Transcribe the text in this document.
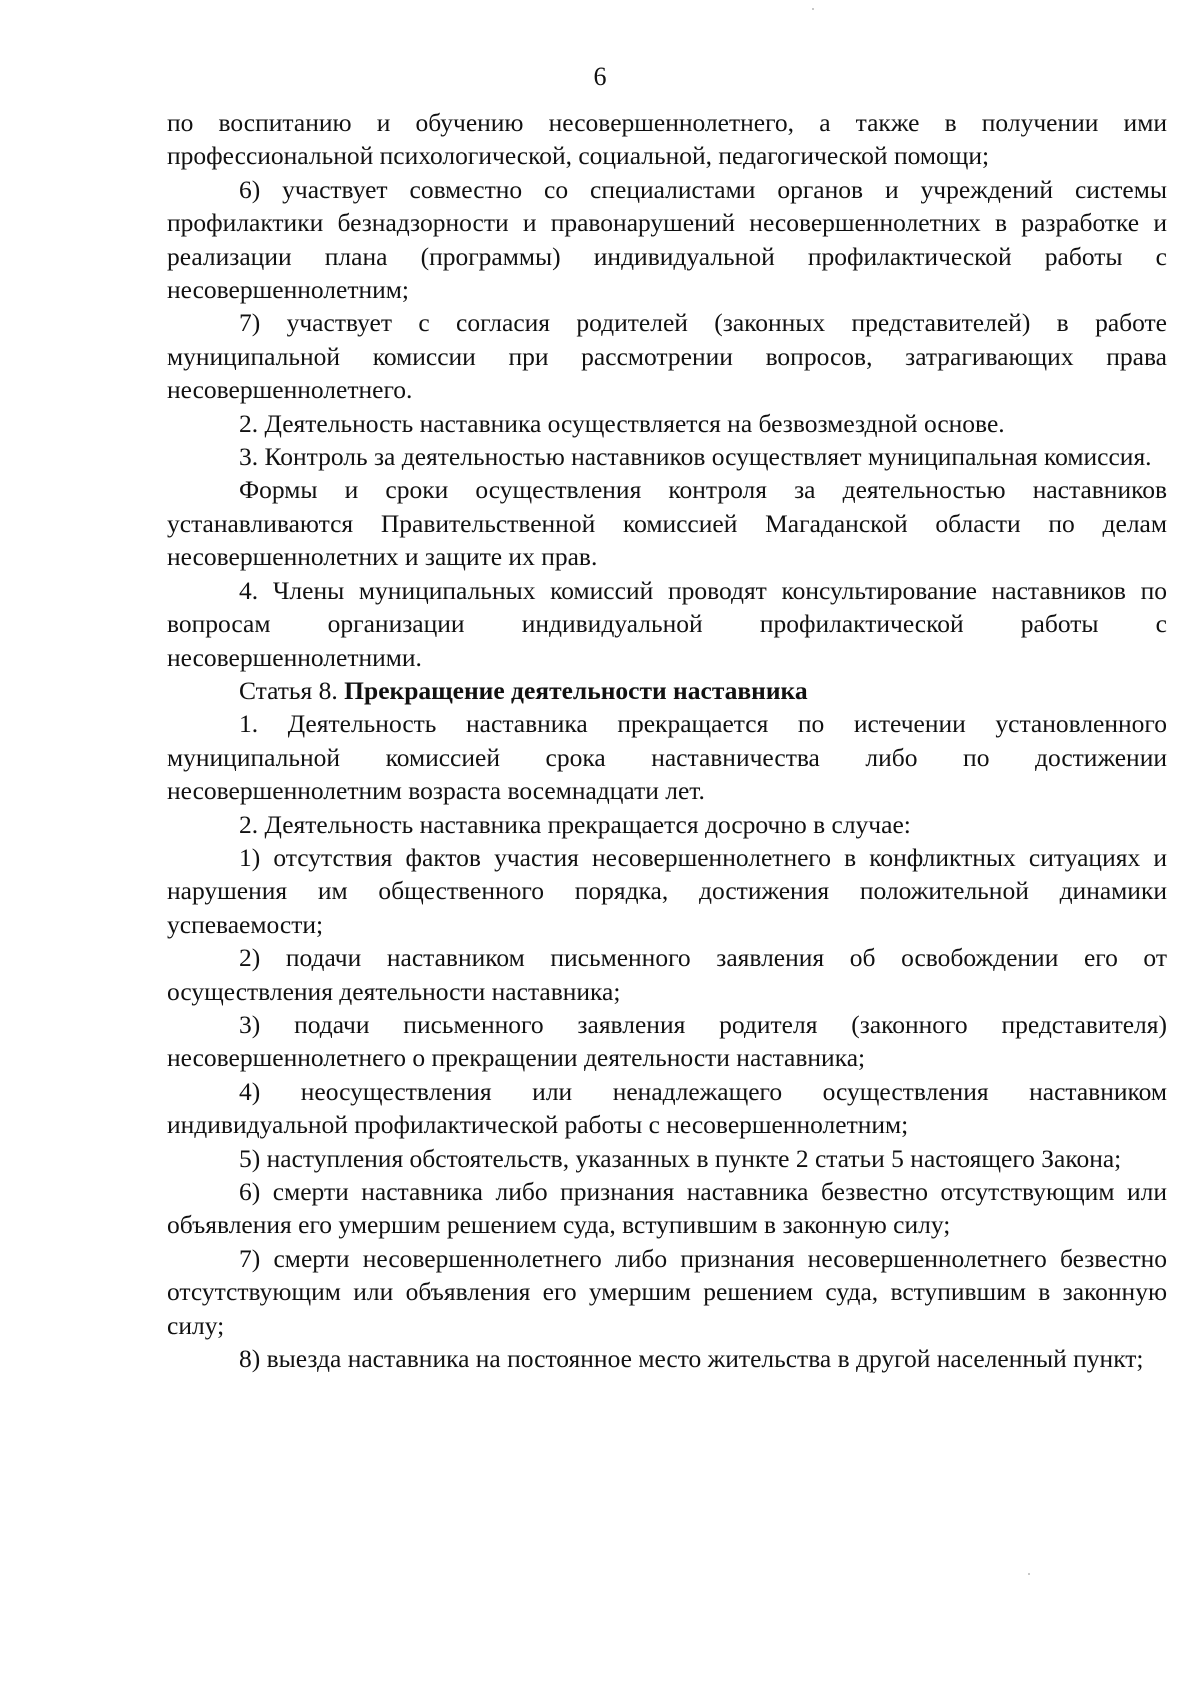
6

по воспитанию и обучению несовершеннолетнего, а также в получении ими профессиональной психологической, социальной, педагогической помощи;

6) участвует совместно со специалистами органов и учреждений системы профилактики безнадзорности и правонарушений несовершеннолетних в разработке и реализации плана (программы) индивидуальной профилактической работы с несовершеннолетним;

7) участвует с согласия родителей (законных представителей) в работе муниципальной комиссии при рассмотрении вопросов, затрагивающих права несовершеннолетнего.

2. Деятельность наставника осуществляется на безвозмездной основе.

3. Контроль за деятельностью наставников осуществляет муниципальная комиссия.

Формы и сроки осуществления контроля за деятельностью наставников устанавливаются Правительственной комиссией Магаданской области по делам несовершеннолетних и защите их прав.

4. Члены муниципальных комиссий проводят консультирование наставников по вопросам организации индивидуальной профилактической работы с несовершеннолетними.

Статья 8. Прекращение деятельности наставника

1. Деятельность наставника прекращается по истечении установленного муниципальной комиссией срока наставничества либо по достижении несовершеннолетним возраста восемнадцати лет.

2. Деятельность наставника прекращается досрочно в случае:

1) отсутствия фактов участия несовершеннолетнего в конфликтных ситуациях и нарушения им общественного порядка, достижения положительной динамики успеваемости;

2) подачи наставником письменного заявления об освобождении его от осуществления деятельности наставника;

3) подачи письменного заявления родителя (законного представителя) несовершеннолетнего о прекращении деятельности наставника;

4) неосуществления или ненадлежащего осуществления наставником индивидуальной профилактической работы с несовершеннолетним;

5) наступления обстоятельств, указанных в пункте 2 статьи 5 настоящего Закона;

6) смерти наставника либо признания наставника безвестно отсутствующим или объявления его умершим решением суда, вступившим в законную силу;

7) смерти несовершеннолетнего либо признания несовершеннолетнего безвестно отсутствующим или объявления его умершим решением суда, вступившим в законную силу;

8) выезда наставника на постоянное место жительства в другой населенный пункт;
